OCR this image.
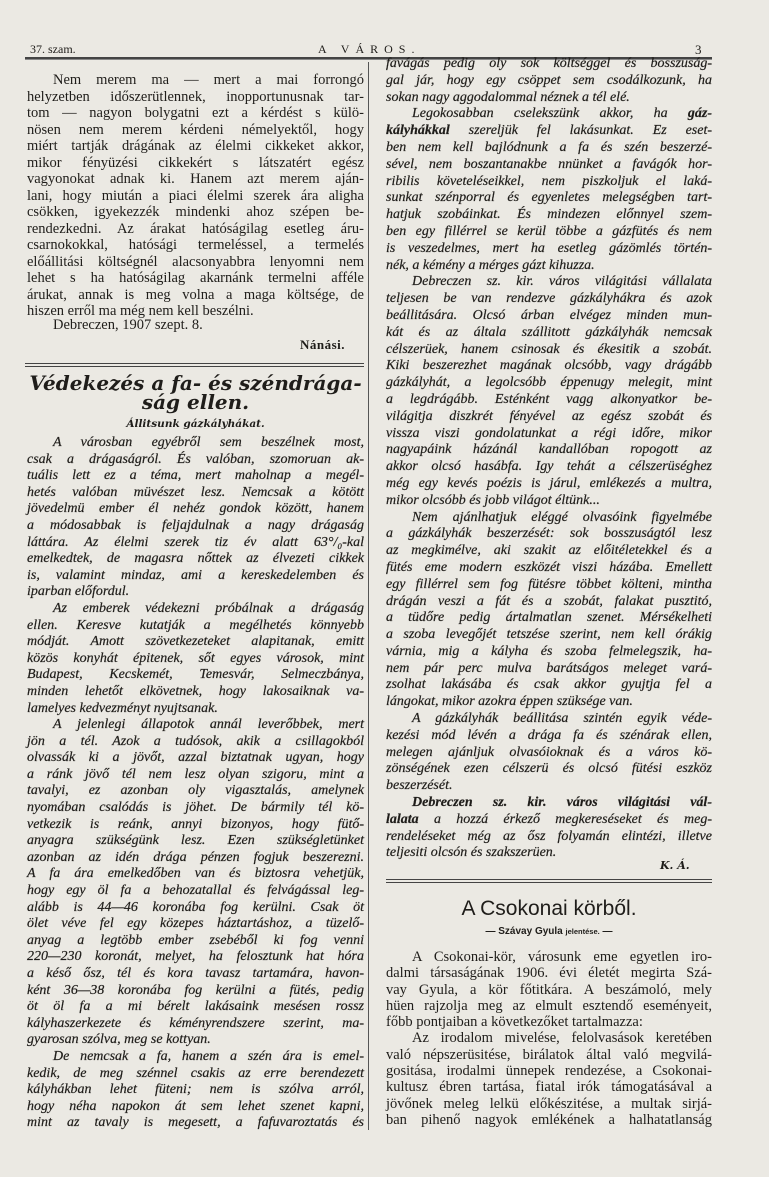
37. szam.	A VÁROS.	3
Nem merem ma — mert a mai forrongó
helyzetben időszerütlennek, inopportunusnak tar-
tom — nagyon bolygatni ezt a kérdést s külö-
nösen nem merem kérdeni némelyektől, hogy
miért tartják drágának az élelmi cikkeket akkor,
mikor fényüzési cikkekért s látszatért egész
vagyonokat adnak ki. Hanem azt merem aján-
lani, hogy miután a piaci élelmi szerek ára aligha
csökken, igyekezzék mindenki ahoz szépen be-
rendezkedni. Az árakat hatóságilag esetleg áru-
csarnokokkal, hatósági termeléssel, a termelés
előállitási költségnél alacsonyabbra lenyomni nem
lehet s ha hatóságilag akarnánk termelni afféle
árukat, annak is meg volna a maga költsége, de
hiszen erről ma még nem kell beszélni.
Debreczen, 1907 szept. 8.
Nánási.
Védekezés a fa- és széndrága-
ság ellen.
Állitsunk gázkályhákat.
A városban egyébről sem beszélnek most,
csak a drágaságról. És valóban, szomoruan ak-
tuális lett ez a téma, mert maholnap a megél-
hetés valóban müvészet lesz. Nemcsak a kötött
jövedelmü ember él nehéz gondok között, hanem
a módosabbak is feljajdulnak a nagy drágaság
láttára. Az élelmi szerek tiz év alatt 63°/₀-kal
emelkedtek, de magasra nőttek az élvezeti cikkek
is, valamint mindaz, ami a kereskedelemben és
iparban előfordul.
Az emberek védekezni próbálnak a drágaság
ellen. Keresve kutatják a megélhetés könnyebb
módját. Amott szövetkezeteket alapitanak, emitt
közös konyhát épitenek, sőt egyes városok, mint
Budapest, Kecskemét, Temesvár, Selmeczbánya,
minden lehetőt elkövetnek, hogy lakosaiknak va-
lamelyes kedvezményt nyujtsanak.
A jelenlegi állapotok annál leverőbbek, mert
jön a tél. Azok a tudósok, akik a csillagokból
olvassák ki a jövőt, azzal biztatnak ugyan, hogy
a ránk jövő tél nem lesz olyan szigoru, mint a
tavalyi, ez azonban oly vigasztalás, amelynek
nyomában csalódás is jöhet. De bármily tél kö-
vetkezik is reánk, annyi bizonyos, hogy fütő-
anyagra szükségünk lesz. Ezen szükségletünket
azonban az idén drága pénzen fogjuk beszerezni.
A fa ára emelkedőben van és biztosra vehetjük,
hogy egy öl fa a behozatallal és felvágással leg-
alább is 44—46 koronába fog kerülni. Csak öt
ölet véve fel egy közepes háztartáshoz, a tüzelő-
anyag a legtöbb ember zsebéből ki fog venni
220—230 koronát, melyet, ha felosztunk hat hóra
a késő ősz, tél és kora tavasz tartamára, havon-
ként 36—38 koronába fog kerülni a fütés, pedig
öt öl fa a mi bérelt lakásaink mesésen rossz
kályhaszerkezete és kéményrendszere szerint, ma-
gyarosan szólva, meg se kottyan.
De nemcsak a fa, hanem a szén ára is emel-
kedik, de meg szénnel csakis az erre berendezett
kályhákban lehet füteni; nem is szólva arról,
hogy néha napokon át sem lehet szenet kapni,
mint az tavaly is megesett, a fafuvaroztatás és
favágás pedig oly sok költséggel és bosszuság-
gal jár, hogy egy csöppet sem csodálkozunk, ha
sokan nagy aggodalommal néznek a tél elé.
Legokosabban cselekszünk akkor, ha gáz-
kályhákkal szereljük fel lakásunkat. Ez eset-
ben nem kell bajlódnunk a fa és szén beszerzé-
sével, nem boszantanakbe nnünket a favágók hor-
ribilis követeléseikkel, nem piszkoljuk el laká-
sunkat szénporral és egyenletes melegségben tart-
hatjuk szobáinkat. És mindezen előnnyel szem-
ben egy fillérrel se kerül többe a gázfütés és nem
is veszedelmes, mert ha esetleg gázömlés történ-
nék, a kémény a mérges gázt kihuzza.
Debreczen sz. kir. város világitási vállalata
teljesen be van rendezve gázkályhákra és azok
beállitására. Olcsó árban elvégez minden mun-
kát és az általa szállitott gázkályhák nemcsak
célszerüek, hanem csinosak és ékesitik a szobát.
Kiki beszerezhet magának olcsóbb, vagy drágább
gázkályhát, a legolcsóbb éppenugy melegit, mint
a legdrágább. Esténként vagg alkonyatkor be-
világitja diszkrét fényével az egész szobát és
vissza viszi gondolatunkat a régi időre, mikor
nagyapáink házánál kandallóban ropogott az
akkor olcsó hasábfa. Igy tehát a célszerüséghez
még egy kevés poézis is járul, emlékezés a multra,
mikor olcsóbb és jobb világot éltünk...
Nem ajánlhatjuk eléggé olvasóink figyelmébe
a gázkályhák beszerzését: sok bosszuságtól lesz
az megkimélve, aki szakit az előitéletekkel és a
fütés eme modern eszközét viszi házába. Emellett
egy fillérrel sem fog fütésre többet költeni, mintha
drágán veszi a fát és a szobát, falakat pusztitó,
a tüdőre pedig ártalmatlan szenet. Mérsékelheti
a szoba levegőjét tetszése szerint, nem kell órákig
várnia, mig a kályha és szoba felmelegszik, ha-
nem pár perc mulva barátságos meleget vará-
zsolhat lakásába és csak akkor gyujtja fel a
lángokat, mikor azokra éppen szüksége van.
A gázkályhák beállitása szintén egyik véde-
kezési mód lévén a drága fa és szénárak ellen,
melegen ajánljuk olvasóioknak és a város kö-
zönségének ezen célszerü és olcsó fütési eszköz
beszerzését.
Debreczen sz. kir. város világitási vál-
lalata a hozzá érkező megkereséseket és meg-
rendeléseket még az ősz folyamán elintézi, illetve
teljesiti olcsón és szakszerüen.
K. Á.
A Csokonai körből.
— Szávay Gyula jelentése. —
A Csokonai-kör, városunk eme egyetlen iro-
dalmi társaságának 1906. évi életét megirta Szá-
vay Gyula, a kör főtitkára. A beszámoló, mely
hüen rajzolja meg az elmult esztendő eseményeit,
főbb pontjaiban a következőket tartalmazza:
Az irodalom mivelése, felolvasások keretében
való népszerüsitése, birálatok által való megvilá-
gositása, irodalmi ünnepek rendezése, a Csokonai-
kultusz ébren tartása, fiatal irók támogatásával a
jövőnek meleg lelkü előkészitése, a multak sirjá-
ban pihenő nagyok emlékének a halhatatlanság
